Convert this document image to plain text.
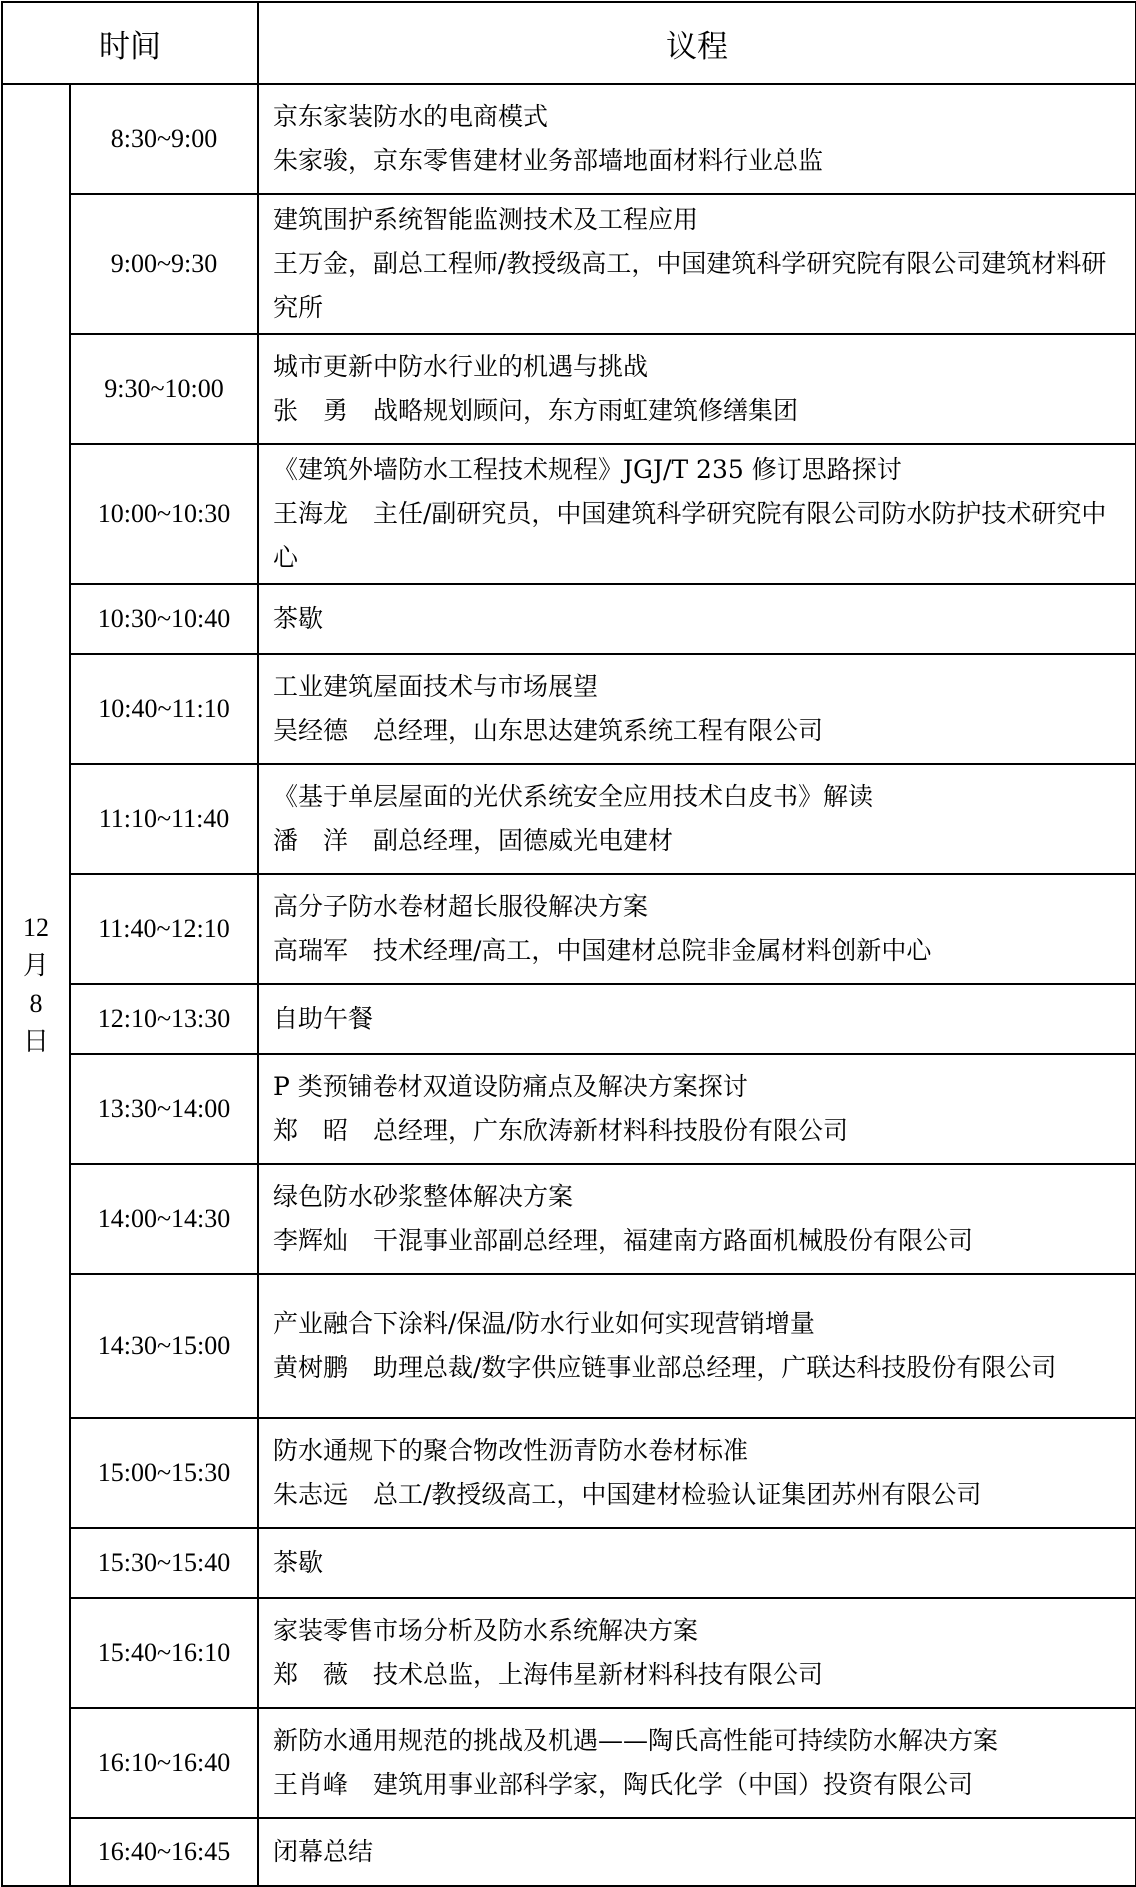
时间		议程

12
月
8
日	8:30~9:00	京东家装防水的电商模式
朱家骏，京东零售建材业务部墙地面材料行业总监

	9:00~9:30	建筑围护系统智能监测技术及工程应用
王万金，副总工程师/教授级高工，中国建筑科学研究院有限公司建筑材料研究所

	9:30~10:00	城市更新中防水行业的机遇与挑战
张　勇　战略规划顾问，东方雨虹建筑修缮集团

	10:00~10:30	《建筑外墙防水工程技术规程》JGJ/T 235 修订思路探讨
王海龙　主任/副研究员，中国建筑科学研究院有限公司防水防护技术研究中心

	10:30~10:40	茶歇

	10:40~11:10	工业建筑屋面技术与市场展望
吴经德　总经理，山东思达建筑系统工程有限公司

	11:10~11:40	《基于单层屋面的光伏系统安全应用技术白皮书》解读
潘　洋　副总经理，固德威光电建材

	11:40~12:10	高分子防水卷材超长服役解决方案
高瑞军　技术经理/高工，中国建材总院非金属材料创新中心

	12:10~13:30	自助午餐

	13:30~14:00	P 类预铺卷材双道设防痛点及解决方案探讨
郑　昭　总经理，广东欣涛新材料科技股份有限公司

	14:00~14:30	绿色防水砂浆整体解决方案
李辉灿　干混事业部副总经理，福建南方路面机械股份有限公司

	14:30~15:00	产业融合下涂料/保温/防水行业如何实现营销增量
黄树鹏　助理总裁/数字供应链事业部总经理，广联达科技股份有限公司

	15:00~15:30	防水通规下的聚合物改性沥青防水卷材标准
朱志远　总工/教授级高工，中国建材检验认证集团苏州有限公司

	15:30~15:40	茶歇

	15:40~16:10	家装零售市场分析及防水系统解决方案
郑　薇　技术总监，上海伟星新材料科技有限公司

	16:10~16:40	新防水通用规范的挑战及机遇——陶氏高性能可持续防水解决方案
王肖峰　建筑用事业部科学家，陶氏化学（中国）投资有限公司

	16:40~16:45	闭幕总结
